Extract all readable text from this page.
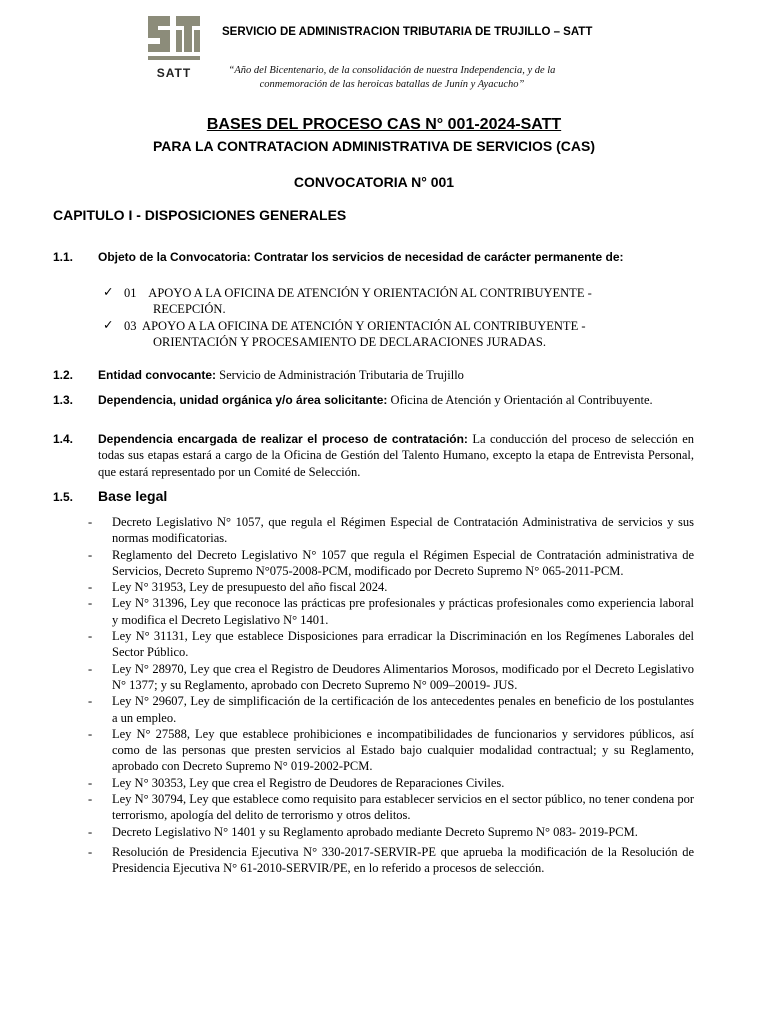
SATT
SERVICIO DE ADMINISTRACION TRIBUTARIA DE TRUJILLO – SATT
“Año del Bicentenario, de la consolidación de nuestra Independencia, y de la
conmemoración de las heroicas batallas de Junín y Ayacucho”
BASES DEL PROCESO CAS N° 001-2024-SATT
PARA LA CONTRATACION ADMINISTRATIVA DE SERVICIOS (CAS)
CONVOCATORIA N° 001
CAPITULO I - DISPOSICIONES GENERALES
1.1. Objeto de la Convocatoria: Contratar los servicios de necesidad de carácter permanente de:
✓ 01    APOYO A LA OFICINA DE ATENCIÓN Y ORIENTACIÓN AL CONTRIBUYENTE -
RECEPCIÓN.
✓ 03  APOYO A LA OFICINA DE ATENCIÓN Y ORIENTACIÓN AL CONTRIBUYENTE -
ORIENTACIÓN Y PROCESAMIENTO DE DECLARACIONES JURADAS.
1.2. Entidad convocante: Servicio de Administración Tributaria de Trujillo
1.3. Dependencia, unidad orgánica y/o área solicitante: Oficina de Atención y Orientación al Contribuyente.
1.4. Dependencia encargada de realizar el proceso de contratación: La conducción del proceso de selección en todas sus etapas estará a cargo de la Oficina de Gestión del Talento Humano, excepto la etapa de Entrevista Personal, que estará representado por un Comité de Selección.
1.5. Base legal
- Decreto Legislativo N° 1057, que regula el Régimen Especial de Contratación Administrativa de servicios y sus normas modificatorias.
- Reglamento del Decreto Legislativo N° 1057 que regula el Régimen Especial de Contratación administrativa de Servicios, Decreto Supremo N°075-2008-PCM, modificado por Decreto Supremo N° 065-2011-PCM.
- Ley N° 31953, Ley de presupuesto del año fiscal 2024.
- Ley N° 31396, Ley que reconoce las prácticas pre profesionales y prácticas profesionales como experiencia laboral y modifica el Decreto Legislativo N° 1401.
- Ley N° 31131, Ley que establece Disposiciones para erradicar la Discriminación en los Regímenes Laborales del Sector Público.
- Ley N° 28970, Ley que crea el Registro de Deudores Alimentarios Morosos, modificado por el Decreto Legislativo N° 1377; y su Reglamento, aprobado con Decreto Supremo N° 009–20019- JUS.
- Ley N° 29607, Ley de simplificación de la certificación de los antecedentes penales en beneficio de los postulantes a un empleo.
- Ley N° 27588, Ley que establece prohibiciones e incompatibilidades de funcionarios y servidores públicos, así como de las personas que presten servicios al Estado bajo cualquier modalidad contractual; y su Reglamento, aprobado con Decreto Supremo N° 019-2002-PCM.
- Ley N° 30353, Ley que crea el Registro de Deudores de Reparaciones Civiles.
- Ley N° 30794, Ley que establece como requisito para establecer servicios en el sector público, no tener condena por terrorismo, apología del delito de terrorismo y otros delitos.
- Decreto Legislativo N° 1401 y su Reglamento aprobado mediante Decreto Supremo N° 083- 2019-PCM.
- Resolución de Presidencia Ejecutiva N° 330-2017-SERVIR-PE que aprueba la modificación de la Resolución de Presidencia Ejecutiva N° 61-2010-SERVIR/PE, en lo referido a procesos de selección.
